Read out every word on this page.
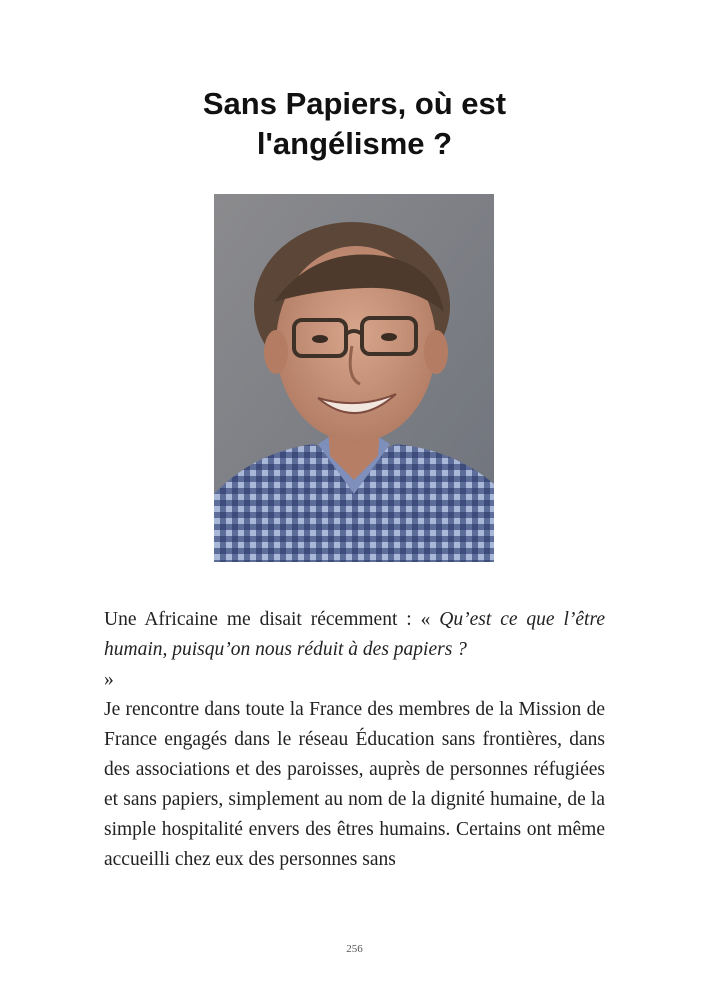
Sans Papiers, où est
l'angélisme ?

Une Africaine me disait récemment : « Qu’est ce que l’être humain, puisqu’on nous réduit à des papiers ?
»

Je rencontre dans toute la France des membres de la Mission de France engagés dans le réseau Éducation sans frontières, dans des associations et des paroisses, auprès de personnes réfugiées et sans papiers, simplement au nom de la dignité humaine, de la simple hospitalité envers des êtres humains. Certains ont même accueilli chez eux des personnes sans

256
